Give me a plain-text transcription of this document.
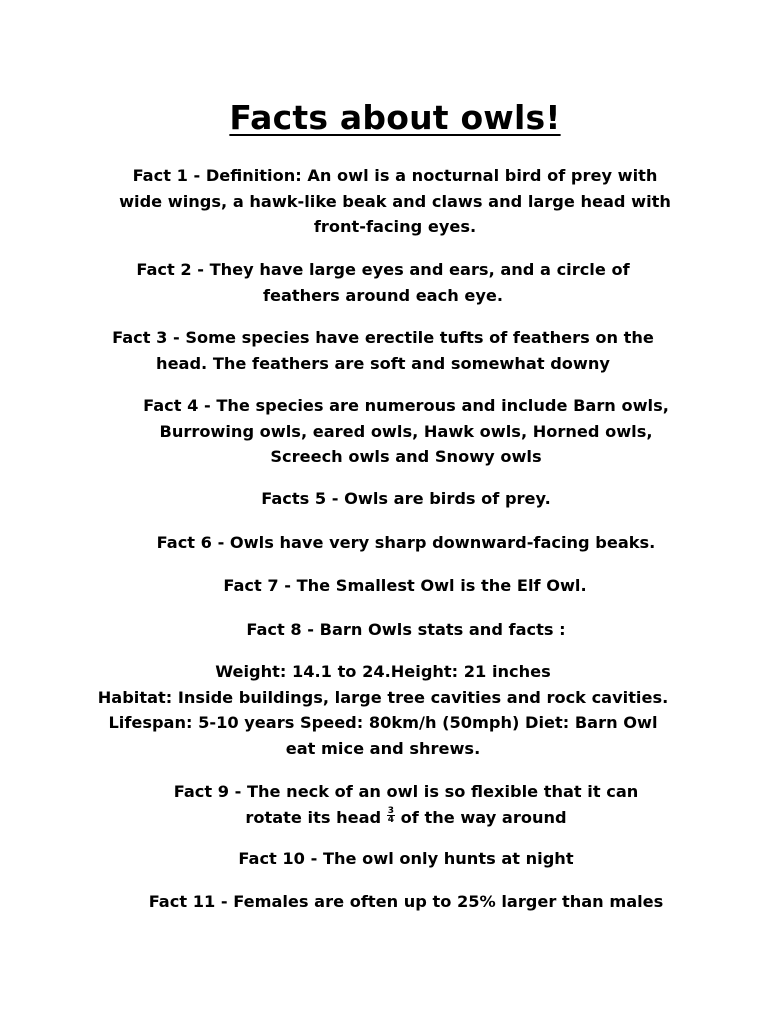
Facts about owls!
Fact 1 - Definition: An owl is a nocturnal bird of prey with
wide wings, a hawk-like beak and claws and large head with
front-facing eyes.
Fact 2 - They have large eyes and ears, and a circle of
feathers around each eye.
Fact 3 - Some species have erectile tufts of feathers on the
head. The feathers are soft and somewhat downy
Fact 4 - The species are numerous and include Barn owls,
Burrowing owls, eared owls, Hawk owls, Horned owls,
Screech owls and Snowy owls
Facts 5 - Owls are birds of prey.
Fact 6 - Owls have very sharp downward-facing beaks.
Fact 7 - The Smallest Owl is the Elf Owl.
Fact 8 - Barn Owls stats and facts :
Weight: 14.1 to 24.Height: 21 inches
Habitat: Inside buildings, large tree cavities and rock cavities.
Lifespan: 5-10 years Speed: 80km/h (50mph) Diet: Barn Owl
eat mice and shrews.
Fact 9 - The neck of an owl is so flexible that it can
rotate its head $\frac{3}{4}$ of the way around
Fact 10 - The owl only hunts at night
Fact 11 - Females are often up to 25% larger than males
